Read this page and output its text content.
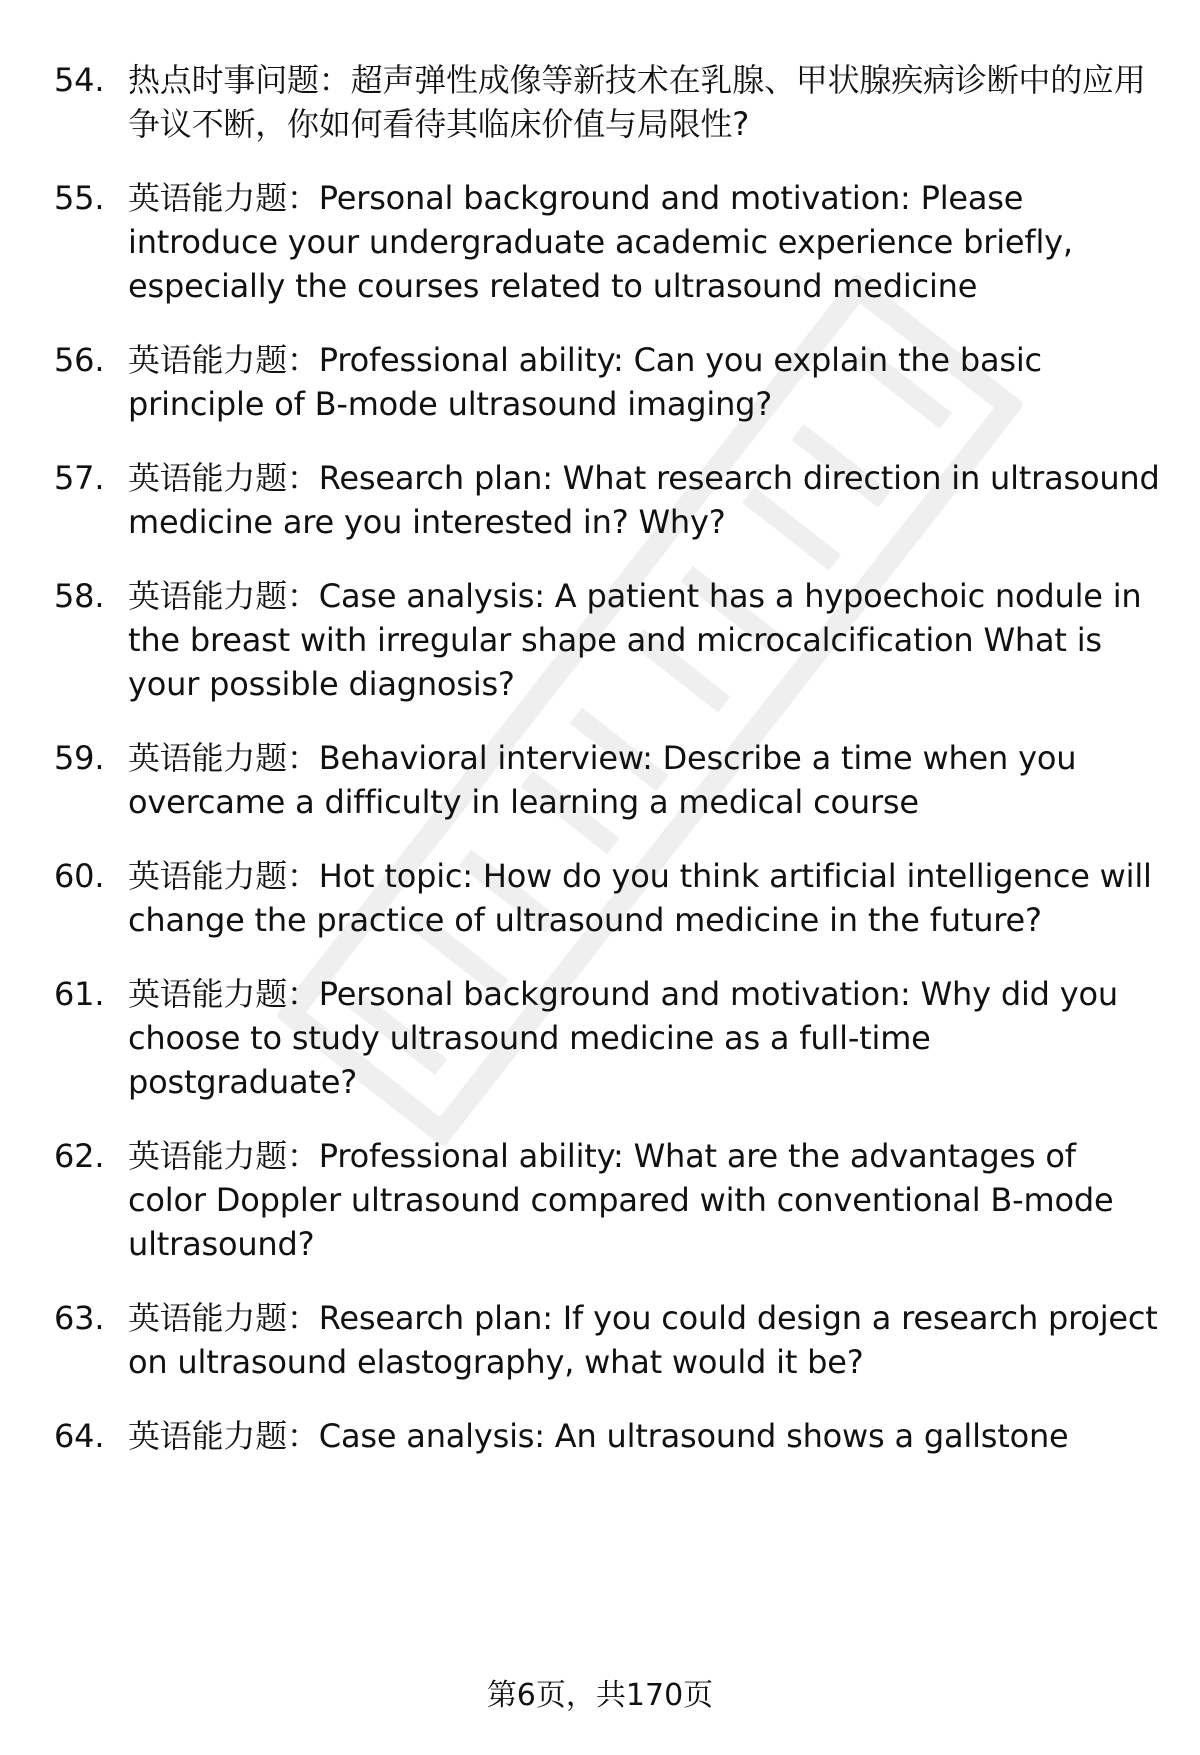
54. 热点时事问题：超声弹性成像等新技术在乳腺、甲状腺疾病诊断中的应用争议不断，你如何看待其临床价值与局限性?
55. 英语能力题：Personal background and motivation: Please introduce your undergraduate academic experience briefly, especially the courses related to ultrasound medicine
56. 英语能力题：Professional ability: Can you explain the basic principle of B-mode ultrasound imaging?
57. 英语能力题：Research plan: What research direction in ultrasound medicine are you interested in? Why?
58. 英语能力题：Case analysis: A patient has a hypoechoic nodule in the breast with irregular shape and microcalcification What is your possible diagnosis?
59. 英语能力题：Behavioral interview: Describe a time when you overcame a difficulty in learning a medical course
60. 英语能力题：Hot topic: How do you think artificial intelligence will change the practice of ultrasound medicine in the future?
61. 英语能力题：Personal background and motivation: Why did you choose to study ultrasound medicine as a full-time postgraduate?
62. 英语能力题：Professional ability: What are the advantages of color Doppler ultrasound compared with conventional B-mode ultrasound?
63. 英语能力题：Research plan: If you could design a research project on ultrasound elastography, what would it be?
64. 英语能力题：Case analysis: An ultrasound shows a gallstone
第6页，共170页
